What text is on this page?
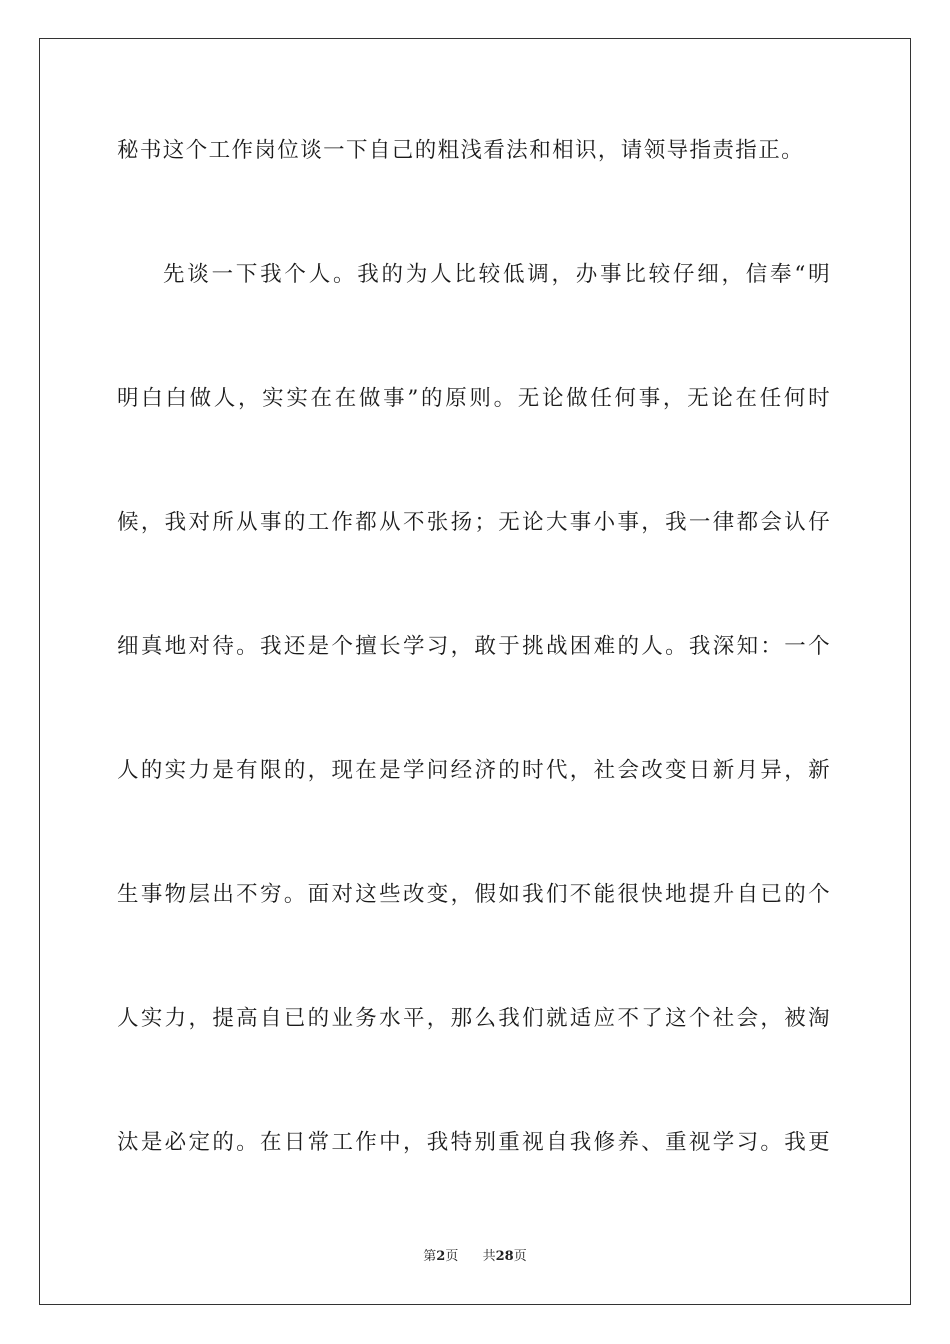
秘书这个工作岗位谈一下自己的粗浅看法和相识，请领导指责指正。
先谈一下我个人。我的为人比较低调，办事比较仔细，信奉“明
明白白做人，实实在在做事”的原则。无论做任何事，无论在任何时
候，我对所从事的工作都从不张扬；无论大事小事，我一律都会认仔
细真地对待。我还是个擅长学习，敢于挑战困难的人。我深知：一个
人的实力是有限的，现在是学问经济的时代，社会改变日新月异，新
生事物层出不穷。面对这些改变，假如我们不能很快地提升自已的个
人实力，提高自已的业务水平，那么我们就适应不了这个社会，被淘
汰是必定的。在日常工作中，我特别重视自我修养、重视学习。我更
第2页 共28页
